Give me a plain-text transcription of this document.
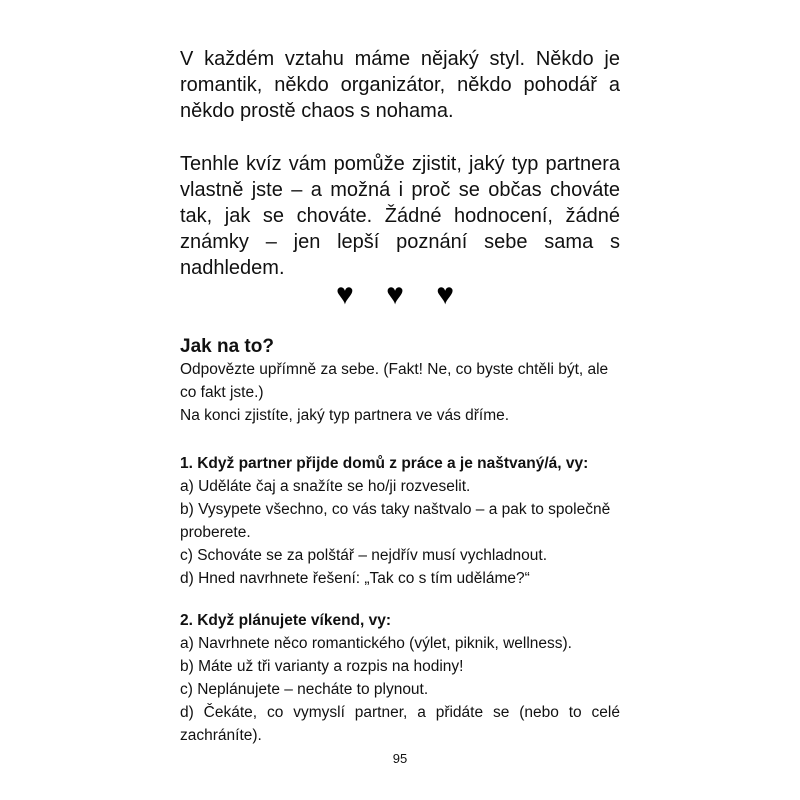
V každém vztahu máme nějaký styl. Někdo je romantik, někdo organizátor, někdo pohodář a někdo prostě chaos s nohama.

Tenhle kvíz vám pomůže zjistit, jaký typ partnera vlastně jste – a možná i proč se občas chováte tak, jak se chováte. Žádné hodnocení, žádné známky – jen lepší poznání sebe sama s nadhledem.

♥ ♥ ♥
Jak na to?
Odpovězte upřímně za sebe. (Fakt! Ne, co byste chtěli být, ale co fakt jste.)
Na konci zjistíte, jaký typ partnera ve vás dříme.
1. Když partner přijde domů z práce a je naštvaný/á, vy:
a) Uděláte čaj a snažíte se ho/ji rozveselit.
b) Vysypete všechno, co vás taky naštvalo – a pak to společně proberete.
c) Schováte se za polštář – nejdřív musí vychladnout.
d) Hned navrhnete řešení: „Tak co s tím uděláme?“
2. Když plánujete víkend, vy:
a) Navrhnete něco romantického (výlet, piknik, wellness).
b) Máte už tři varianty a rozpis na hodiny!
c) Neplánujete – necháte to plynout.
d) Čekáte, co vymyslí partner, a přidáte se (nebo to celé zachráníte).
95
